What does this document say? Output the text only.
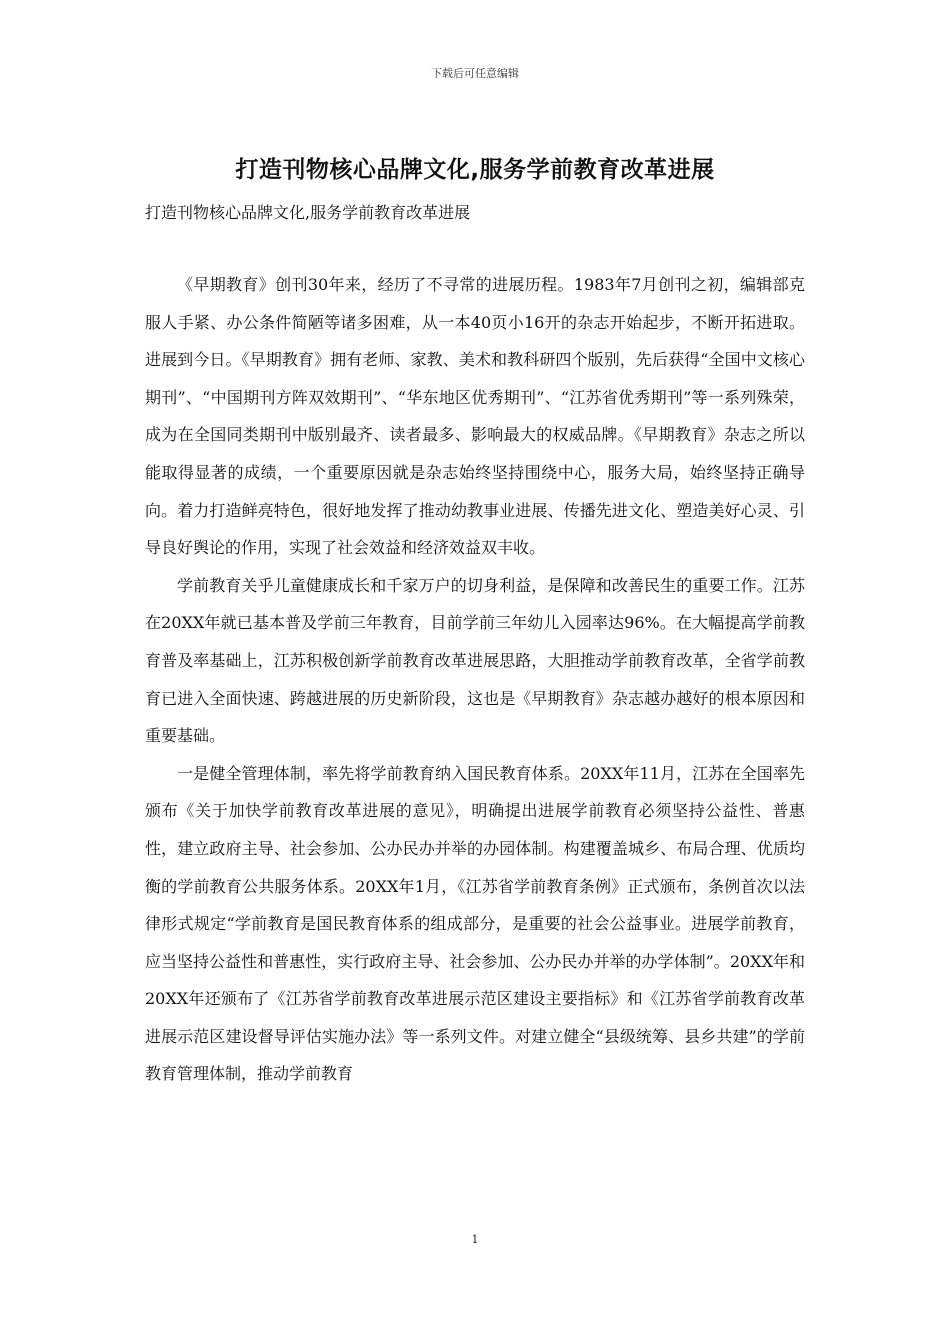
下载后可任意编辑
打造刊物核心品牌文化,服务学前教育改革进展
打造刊物核心品牌文化,服务学前教育改革进展

《早期教育》创刊30年来，经历了不寻常的进展历程。1983年7月创刊之初，编辑部克服人手紧、办公条件简陋等诸多困难，从一本40页小16开的杂志开始起步，不断开拓进取。进展到今日。《早期教育》拥有老师、家教、美术和教科研四个版别，先后获得“全国中文核心期刊”、“中国期刊方阵双效期刊”、“华东地区优秀期刊”、“江苏省优秀期刊”等一系列殊荣，成为在全国同类期刊中版别最齐、读者最多、影响最大的权威品牌。《早期教育》杂志之所以能取得显著的成绩，一个重要原因就是杂志始终坚持围绕中心，服务大局，始终坚持正确导向。着力打造鲜亮特色，很好地发挥了推动幼教事业进展、传播先进文化、塑造美好心灵、引导良好舆论的作用，实现了社会效益和经济效益双丰收。

学前教育关乎儿童健康成长和千家万户的切身利益，是保障和改善民生的重要工作。江苏在20XX年就已基本普及学前三年教育，目前学前三年幼儿入园率达96%。在大幅提高学前教育普及率基础上，江苏积极创新学前教育改革进展思路，大胆推动学前教育改革，全省学前教育已进入全面快速、跨越进展的历史新阶段，这也是《早期教育》杂志越办越好的根本原因和重要基础。

一是健全管理体制，率先将学前教育纳入国民教育体系。20XX年11月，江苏在全国率先颁布《关于加快学前教育改革进展的意见》，明确提出进展学前教育必须坚持公益性、普惠性，建立政府主导、社会参加、公办民办并举的办园体制。构建覆盖城乡、布局合理、优质均衡的学前教育公共服务体系。20XX年1月，《江苏省学前教育条例》正式颁布，条例首次以法律形式规定“学前教育是国民教育体系的组成部分，是重要的社会公益事业。进展学前教育，应当坚持公益性和普惠性，实行政府主导、社会参加、公办民办并举的办学体制”。20XX年和20XX年还颁布了《江苏省学前教育改革进展示范区建设主要指标》和《江苏省学前教育改革进展示范区建设督导评估实施办法》等一系列文件。对建立健全“县级统筹、县乡共建”的学前教育管理体制，推动学前教育

1
